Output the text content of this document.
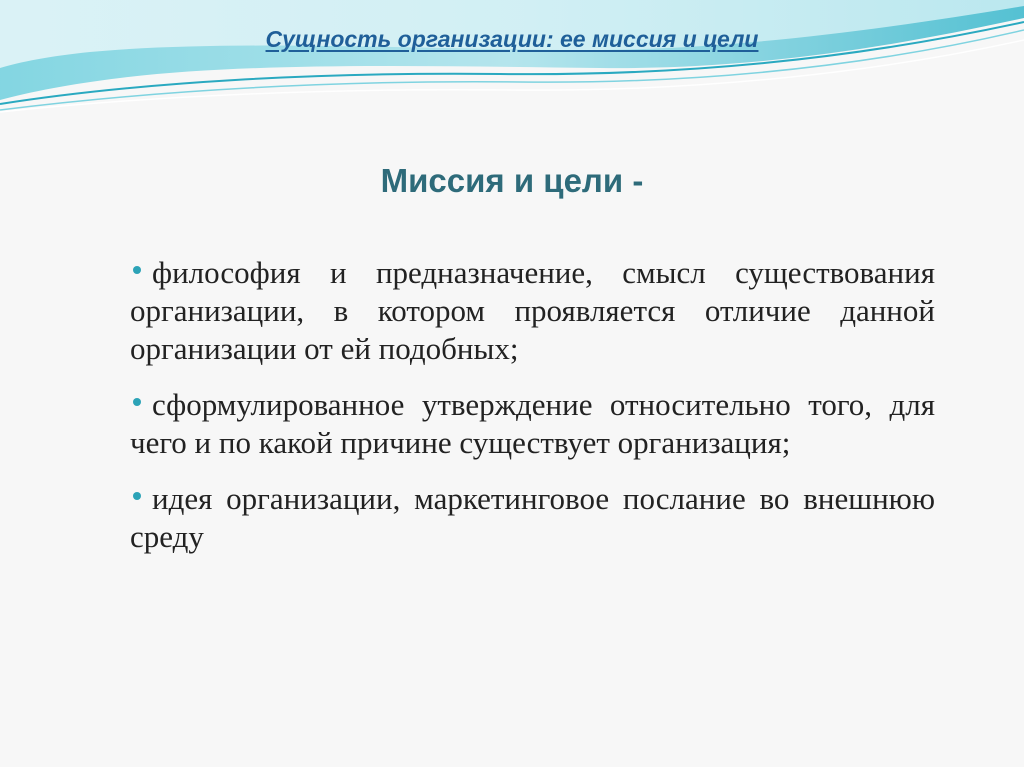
Сущность организации: ее миссия и цели
Миссия и цели -
философия и предназначение, смысл существования организации, в котором проявляется отличие данной организации от ей подобных;
сформулированное утверждение относительно того, для чего и по какой причине существует организация;
идея организации, маркетинговое послание во внешнюю среду
